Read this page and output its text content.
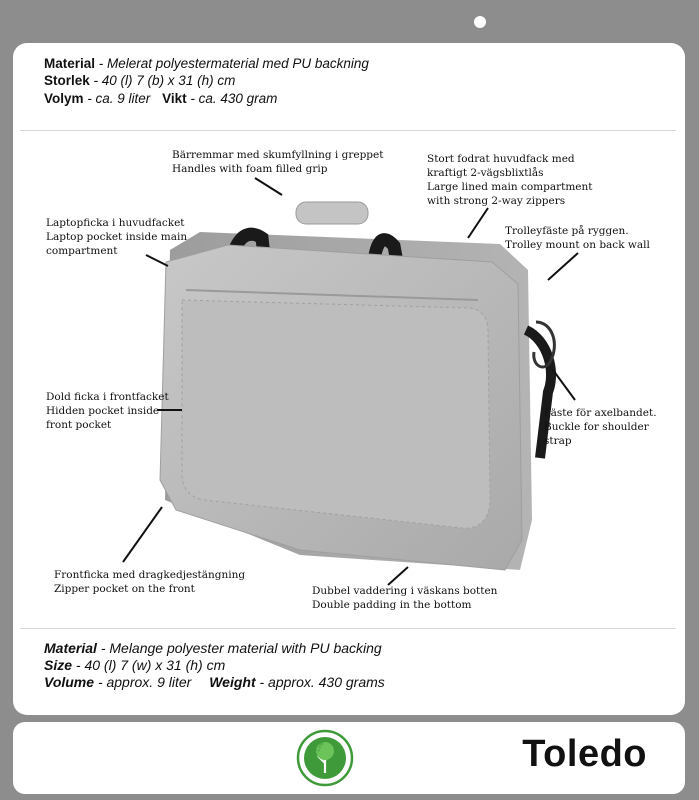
Material - Melerat polyestermaterial med PU backning
Storlek - 40 (l) 7 (b) x 31 (h) cm
Volym - ca. 9 liter Vikt - ca. 430 gram
Bärremmar med skumfyllning i greppet
Handles with foam filled grip
Stort fodrat huvudfack med
kraftigt 2-vägsblixtlås
Large lined main compartment
with strong 2-way zippers
Laptopficka i huvudfacket
Laptop pocket inside main
compartment
Trolleyfäste på ryggen.
Trolley mount on back wall
Dold ficka i frontfacket
Hidden pocket inside
front pocket
Fäste för axelbandet.
Buckle for shoulder
strap
Frontficka med dragkedjestängning
Zipper pocket on the front	Dubbel vaddering i väskans botten
Double padding in the bottom
Material - Melange polyester material with PU backing
Size - 40 (l) 7 (w) x 31 (h) cm
Volume - approx. 9 liter Weight - approx. 430 grams
Green Line	Toledo
